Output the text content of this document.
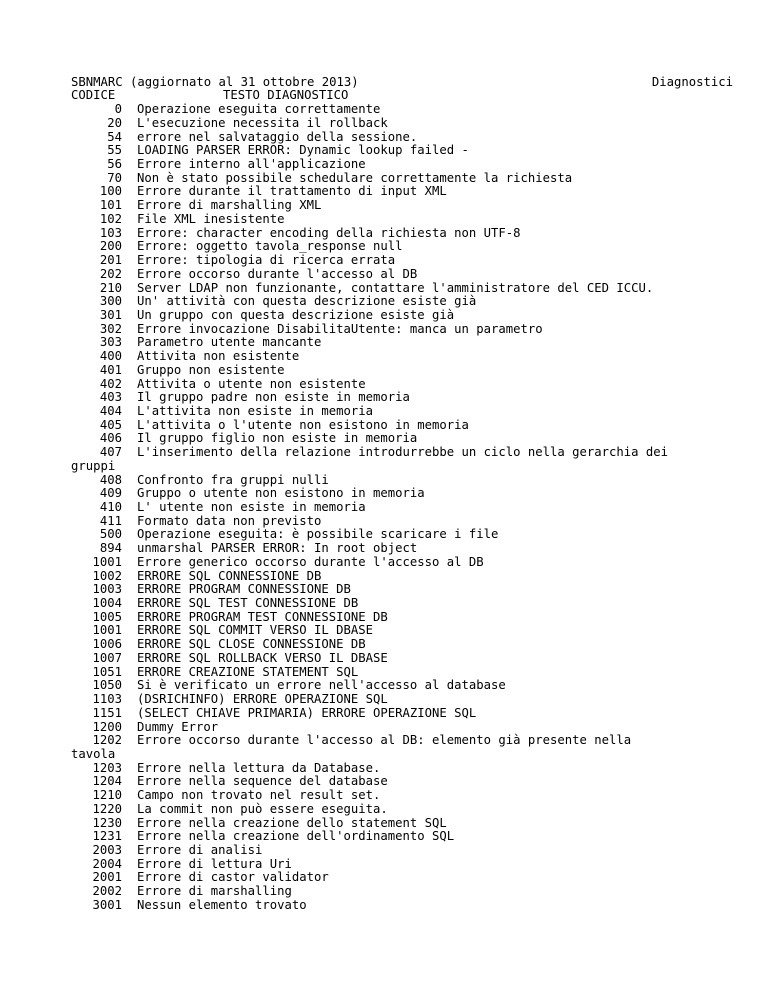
Diagnostici

SBNMARC (aggiornato al 31 ottobre 2013)
CODICE	TESTO DIAGNOSTICO
0 Operazione eseguita correttamente
20 L'esecuzione necessita il rollback
54 errore nel salvataggio della sessione.
55 LOADING PARSER ERROR: Dynamic lookup failed -
56 Errore interno all'applicazione
70 Non è stato possibile schedulare correttamente la richiesta
100 Errore durante il trattamento di input XML
101 Errore di marshalling XML
102 File XML inesistente
103 Errore: character encoding della richiesta non UTF-8
200 Errore: oggetto tavola_response null
201 Errore: tipologia di ricerca errata
202 Errore occorso durante l'accesso al DB
210 Server LDAP non funzionante, contattare l'amministratore del CED ICCU.
300 Un' attività con questa descrizione esiste già
301 Un gruppo con questa descrizione esiste già
302 Errore invocazione DisabilitaUtente: manca un parametro
303 Parametro utente mancante
400 Attivita non esistente
401 Gruppo non esistente
402 Attivita o utente non esistente
403 Il gruppo padre non esiste in memoria
404 L'attivita non esiste in memoria
405 L'attivita o l'utente non esistono in memoria
406 Il gruppo figlio non esiste in memoria
407 L'inserimento della relazione introdurrebbe un ciclo nella gerarchia dei
gruppi
408 Confronto fra gruppi nulli
409 Gruppo o utente non esistono in memoria
410 L' utente non esiste in memoria
411 Formato data non previsto
500 Operazione eseguita: è possibile scaricare i file
894 unmarshal PARSER ERROR: In root object
1001 Errore generico occorso durante l'accesso al DB
1002 ERRORE SQL CONNESSIONE DB
1003 ERRORE PROGRAM CONNESSIONE DB
1004 ERRORE SQL TEST CONNESSIONE DB
1005 ERRORE PROGRAM TEST CONNESSIONE DB
1001 ERRORE SQL COMMIT VERSO IL DBASE
1006 ERRORE SQL CLOSE CONNESSIONE DB
1007 ERRORE SQL ROLLBACK VERSO IL DBASE
1051 ERRORE CREAZIONE STATEMENT SQL
1050 Si è verificato un errore nell'accesso al database
1103 (DSRICHINFO) ERRORE OPERAZIONE SQL
1151 (SELECT CHIAVE PRIMARIA) ERRORE OPERAZIONE SQL
1200 Dummy Error
1202 Errore occorso durante l'accesso al DB: elemento già presente nella
tavola
1203 Errore nella lettura da Database.
1204 Errore nella sequence del database
1210 Campo non trovato nel result set.
1220 La commit non può essere eseguita.
1230 Errore nella creazione dello statement SQL
1231 Errore nella creazione dell'ordinamento SQL
2003 Errore di analisi
2004 Errore di lettura Uri
2001 Errore di castor validator
2002 Errore di marshalling
3001 Nessun elemento trovato
